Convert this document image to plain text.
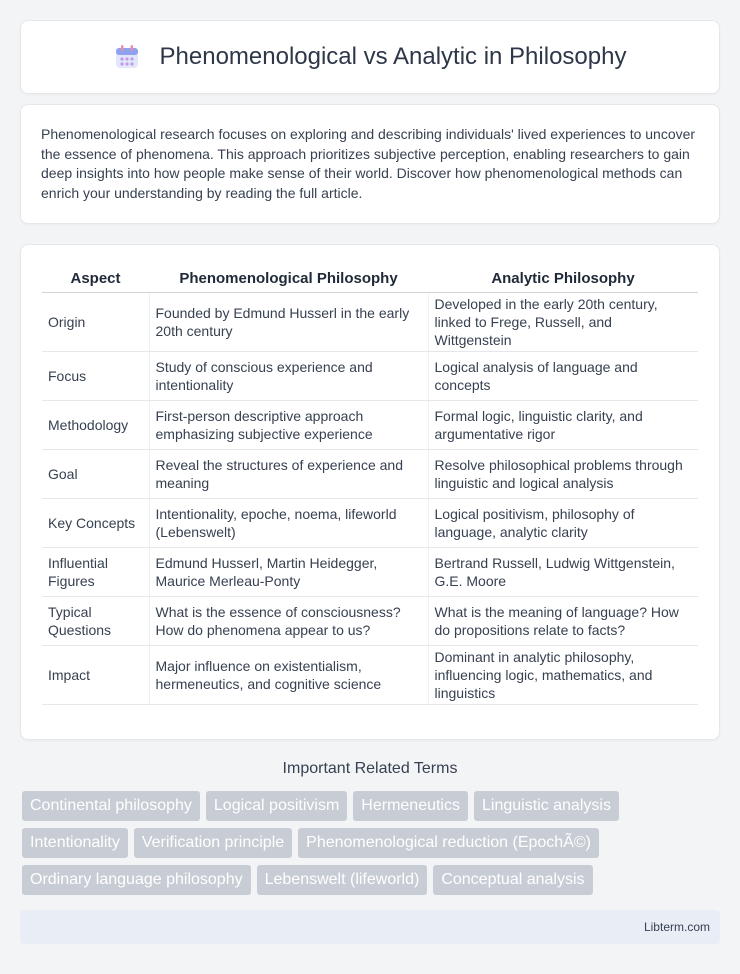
Phenomenological vs Analytic in Philosophy

Phenomenological research focuses on exploring and describing individuals' lived experiences to uncover the essence of phenomena. This approach prioritizes subjective perception, enabling researchers to gain deep insights into how people make sense of their world. Discover how phenomenological methods can enrich your understanding by reading the full article.

Aspect	Phenomenological Philosophy	Analytic Philosophy
Origin	Founded by Edmund Husserl in the early 20th century	Developed in the early 20th century, linked to Frege, Russell, and Wittgenstein
Focus	Study of conscious experience and intentionality	Logical analysis of language and concepts
Methodology	First-person descriptive approach emphasizing subjective experience	Formal logic, linguistic clarity, and argumentative rigor
Goal	Reveal the structures of experience and meaning	Resolve philosophical problems through linguistic and logical analysis
Key Concepts	Intentionality, epoche, noema, lifeworld (Lebenswelt)	Logical positivism, philosophy of language, analytic clarity
Influential Figures	Edmund Husserl, Martin Heidegger, Maurice Merleau-Ponty	Bertrand Russell, Ludwig Wittgenstein, G.E. Moore
Typical Questions	What is the essence of consciousness? How do phenomena appear to us?	What is the meaning of language? How do propositions relate to facts?
Impact	Major influence on existentialism, hermeneutics, and cognitive science	Dominant in analytic philosophy, influencing logic, mathematics, and linguistics
Important Related Terms
Continental philosophy	Logical positivism	Hermeneutics	Linguistic analysis
Intentionality	Verification principle	Phenomenological reduction (EpochÃ©)
Ordinary language philosophy	Lebenswelt (lifeworld)	Conceptual analysis
Libterm.com
